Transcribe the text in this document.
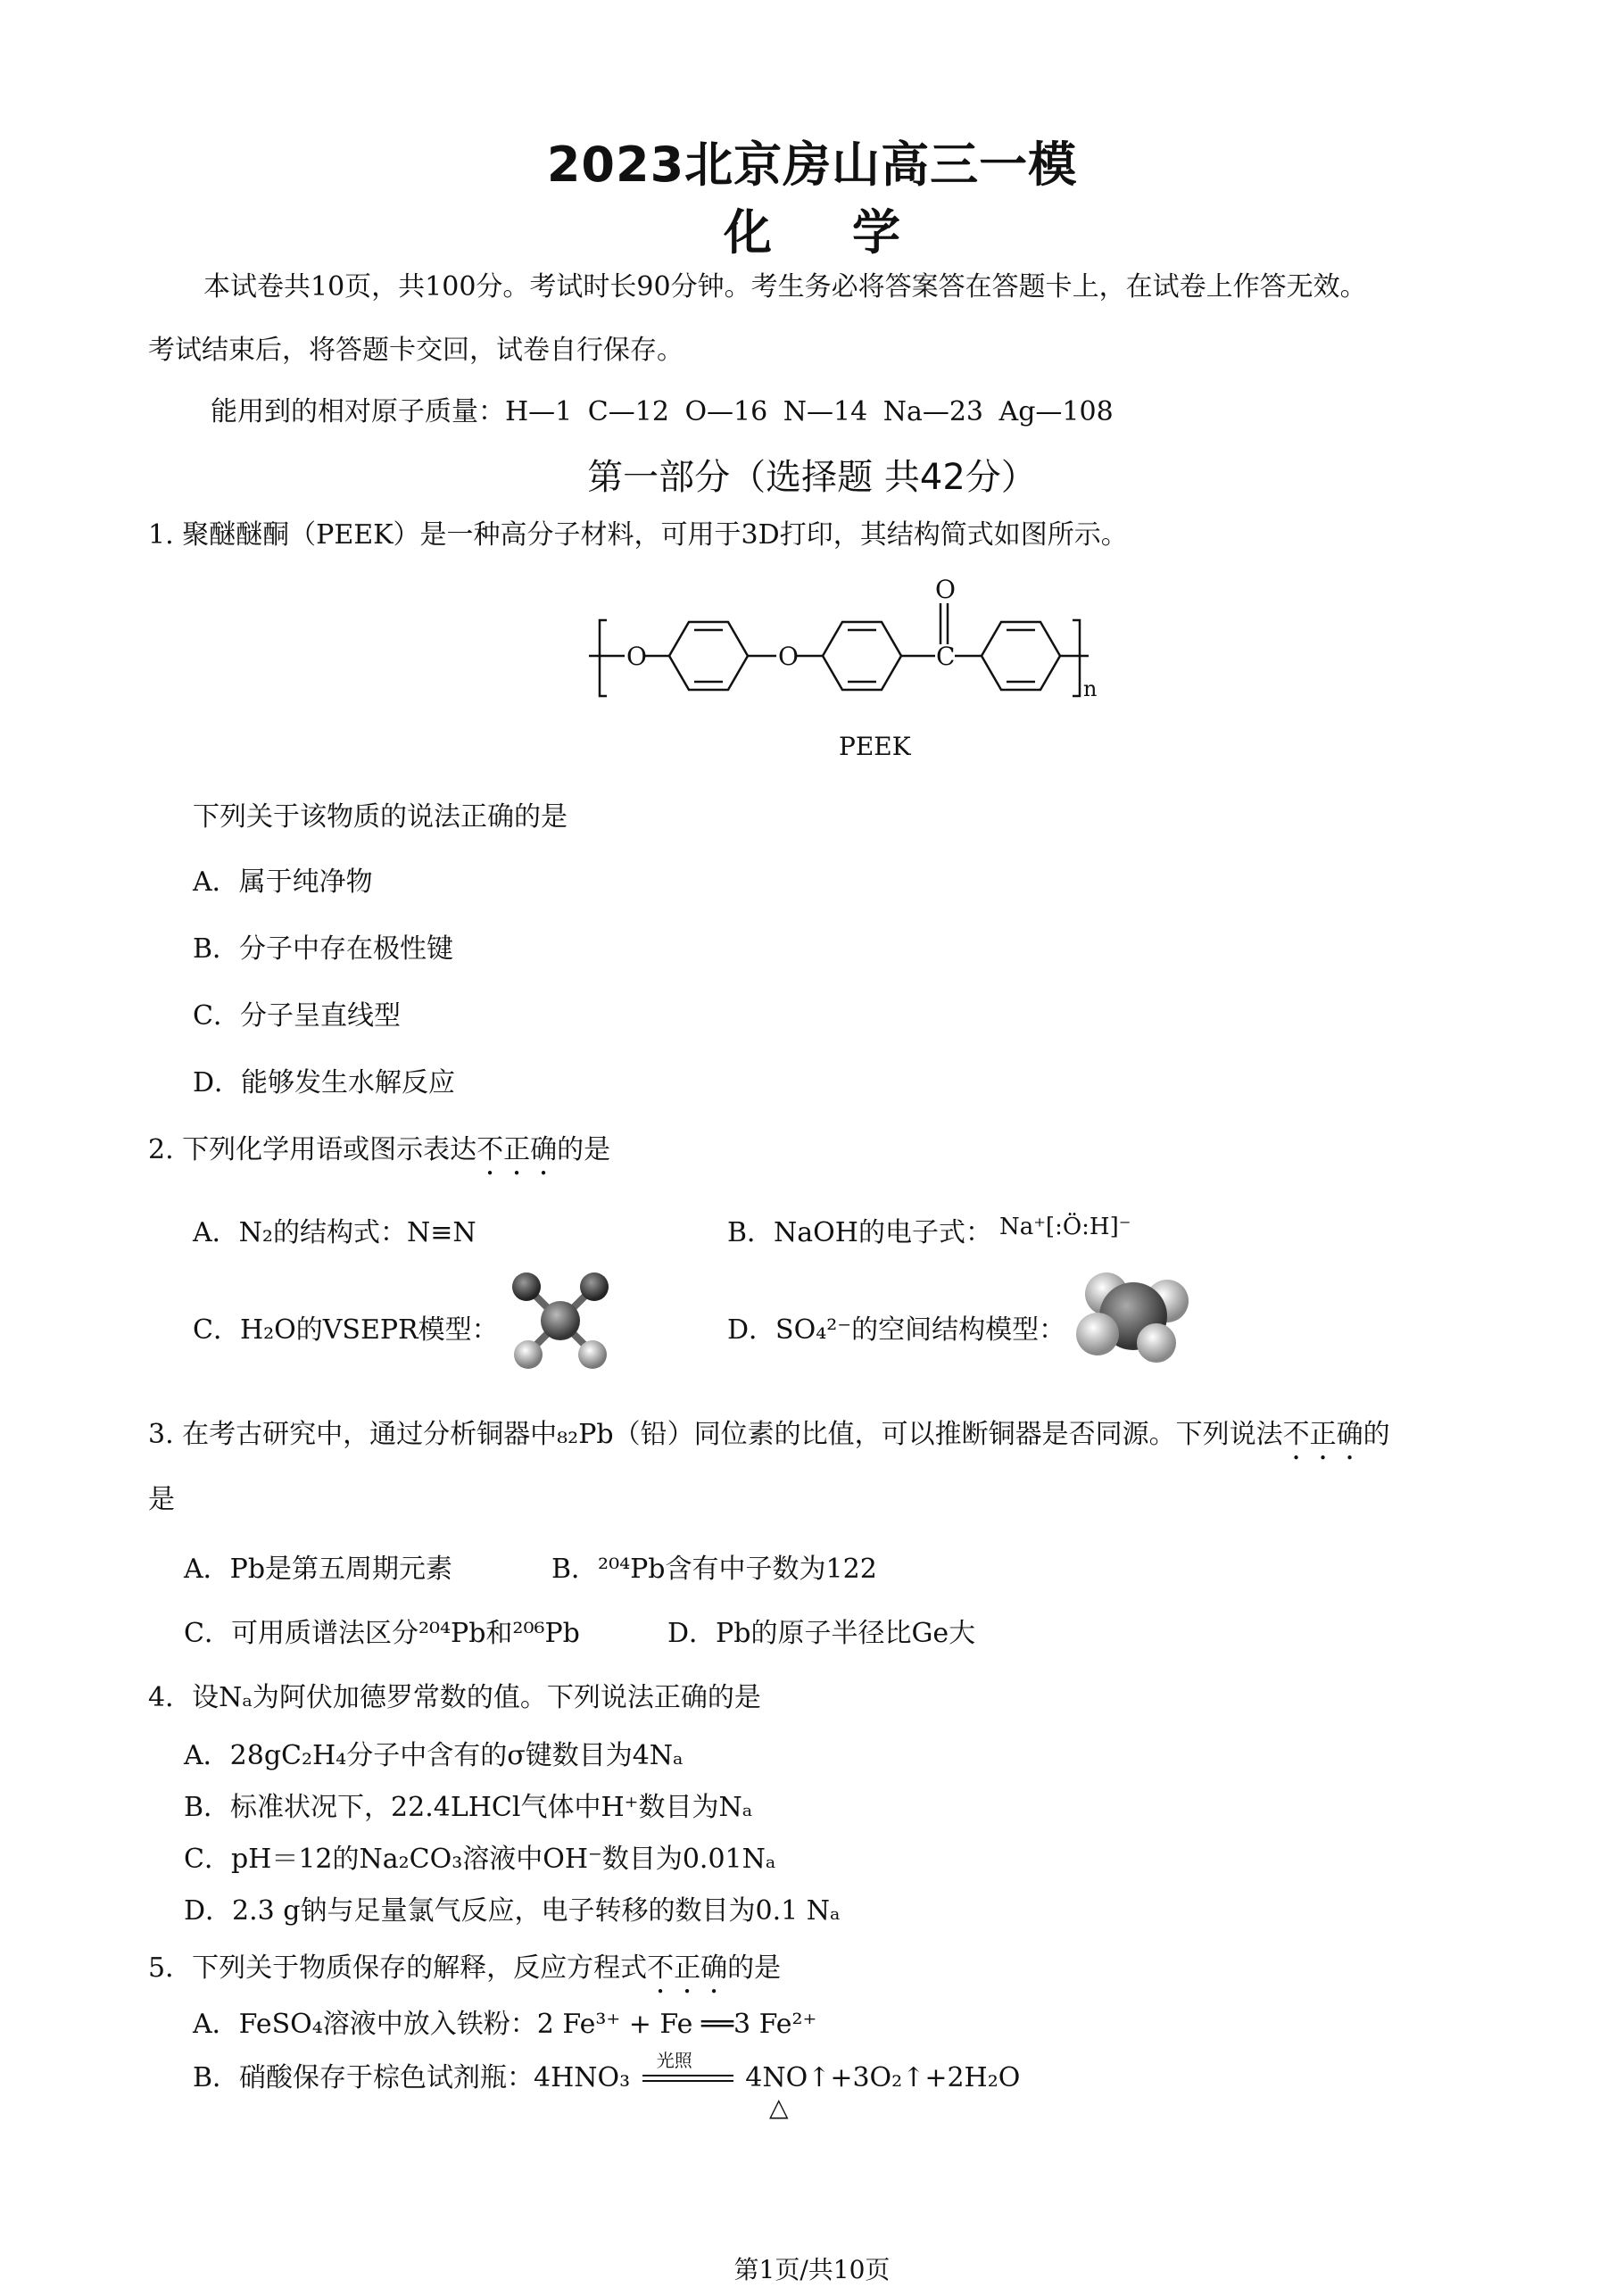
2023北京房山高三一模
化学
本试卷共10页，共100分。考试时长90分钟。考生务必将答案答在答题卡上，在试卷上作答无效。
考试结束后，将答题卡交回，试卷自行保存。
能用到的相对原子质量：H—1 C—12 O—16 N—14 Na—23 Ag—108
第一部分（选择题 共42分）
1. 聚醚醚酮（PEEK）是一种高分子材料，可用于3D打印，其结构简式如图所示。
O	O	C
O
n
PEEK
下列关于该物质的说法正确的是
A．属于纯净物
B．分子中存在极性键
C．分子呈直线型
D．能够发生水解反应
2. 下列化学用语或图示表达不正确的是
A．N₂的结构式：N≡N	B．NaOH的电子式： Na⁺[:Ö:H]⁻
C．H₂O的VSEPR模型：	D．SO₄²⁻的空间结构模型：
3. 在考古研究中，通过分析铜器中₈₂Pb（铅）同位素的比值，可以推断铜器是否同源。下列说法不正确的
是
A．Pb是第五周期元素	B．²⁰⁴Pb含有中子数为122
C．可用质谱法区分²⁰⁴Pb和²⁰⁶Pb	D．Pb的原子半径比Ge大
4．设Nₐ为阿伏加德罗常数的值。下列说法正确的是
A．28gC₂H₄分子中含有的σ键数目为4Nₐ
B．标准状况下，22.4LHCl气体中H⁺数目为Nₐ
C．pH＝12的Na₂CO₃溶液中OH⁻数目为0.01Nₐ
D．2.3 g钠与足量氯气反应，电子转移的数目为0.1 Nₐ
5．下列关于物质保存的解释，反应方程式不正确的是
A．FeSO₄溶液中放入铁粉：2 Fe³⁺ + Fe ══3 Fe²⁺
B．硝酸保存于棕色试剂瓶：4HNO₃
光照
4NO↑+3O₂↑+2H₂O
△
第1页/共10页
